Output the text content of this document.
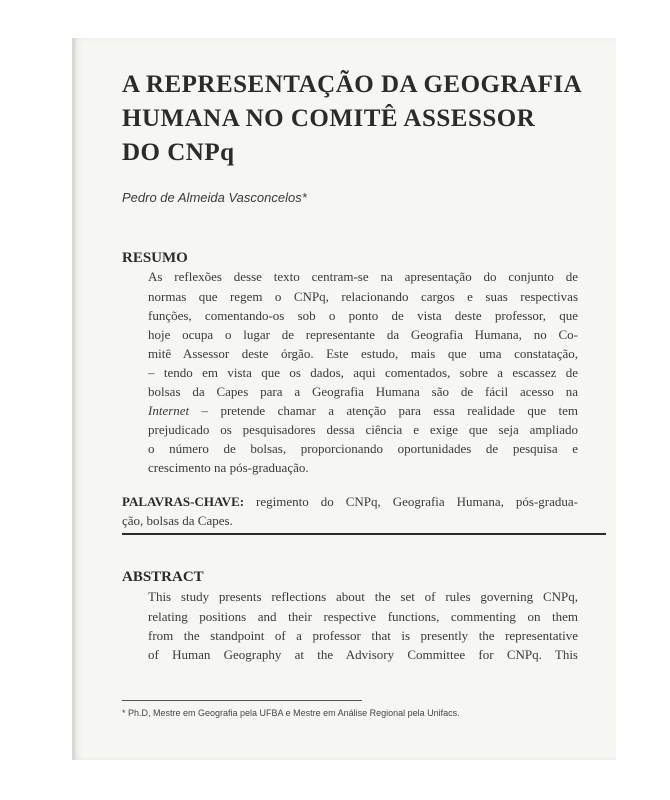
A REPRESENTAÇÃO DA GEOGRAFIA
HUMANA NO COMITÊ ASSESSOR
DO CNPq
Pedro de Almeida Vasconcelos*
RESUMO
As reflexões desse texto centram-se na apresentação do conjunto de
normas que regem o CNPq, relacionando cargos e suas respectivas
funções, comentando-os sob o ponto de vista deste professor, que
hoje ocupa o lugar de representante da Geografia Humana, no Co-
mitê Assessor deste órgão. Este estudo, mais que uma constatação,
– tendo em vista que os dados, aqui comentados, sobre a escassez de
bolsas da Capes para a Geografia Humana são de fácil acesso na
Internet – pretende chamar a atenção para essa realidade que tem
prejudicado os pesquisadores dessa ciência e exige que seja ampliado
o número de bolsas, proporcionando oportunidades de pesquisa e
crescimento na pós-graduação.
PALAVRAS-CHAVE: regimento do CNPq, Geografia Humana, pós-gradua-
ção, bolsas da Capes.
ABSTRACT
This study presents reflections about the set of rules governing CNPq,
relating positions and their respective functions, commenting on them
from the standpoint of a professor that is presently the representative
of Human Geography at the Advisory Committee for CNPq. This
* Ph.D, Mestre em Geografia pela UFBA e Mestre em Análise Regional pela Unifacs.
